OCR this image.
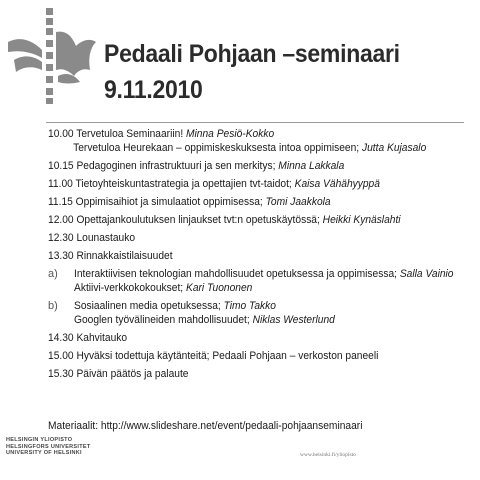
Pedaali Pohjaan –seminaari
9.11.2010
10.00 Tervetuloa Seminaariin! Minna Pesiö-Kokko
Tervetuloa Heurekaan – oppimiskeskuksesta intoa oppimiseen; Jutta Kujasalo
10.15 Pedagoginen infrastruktuuri ja sen merkitys; Minna Lakkala
11.00 Tietoyhteiskuntastrategia ja opettajien tvt-taidot; Kaisa Vähähyyppä
11.15 Oppimisaihiot ja simulaatiot oppimisessa; Tomi Jaakkola
12.00 Opettajankoulutuksen linjaukset tvt:n opetuskäytössä; Heikki Kynäslahti
12.30 Lounastauko
13.30 Rinnakkaistilaisuudet
a) Interaktiivisen teknologian mahdollisuudet opetuksessa ja oppimisessa; Salla Vainio
Aktiivi-verkkokokoukset; Kari Tuononen
b) Sosiaalinen media opetuksessa; Timo Takko
Googlen työvälineiden mahdollisuudet; Niklas Westerlund
14.30 Kahvitauko
15.00 Hyväksi todettuja käytänteitä; Pedaali Pohjaan – verkoston paneeli
15.30 Päivän päätös ja palaute
Materiaalit: http://www.slideshare.net/event/pedaali-pohjaanseminaari
HELSINGIN YLIOPISTO
HELSINGFORS UNIVERSITET
UNIVERSITY OF HELSINKI	www.helsinki.fi/yliopisto
